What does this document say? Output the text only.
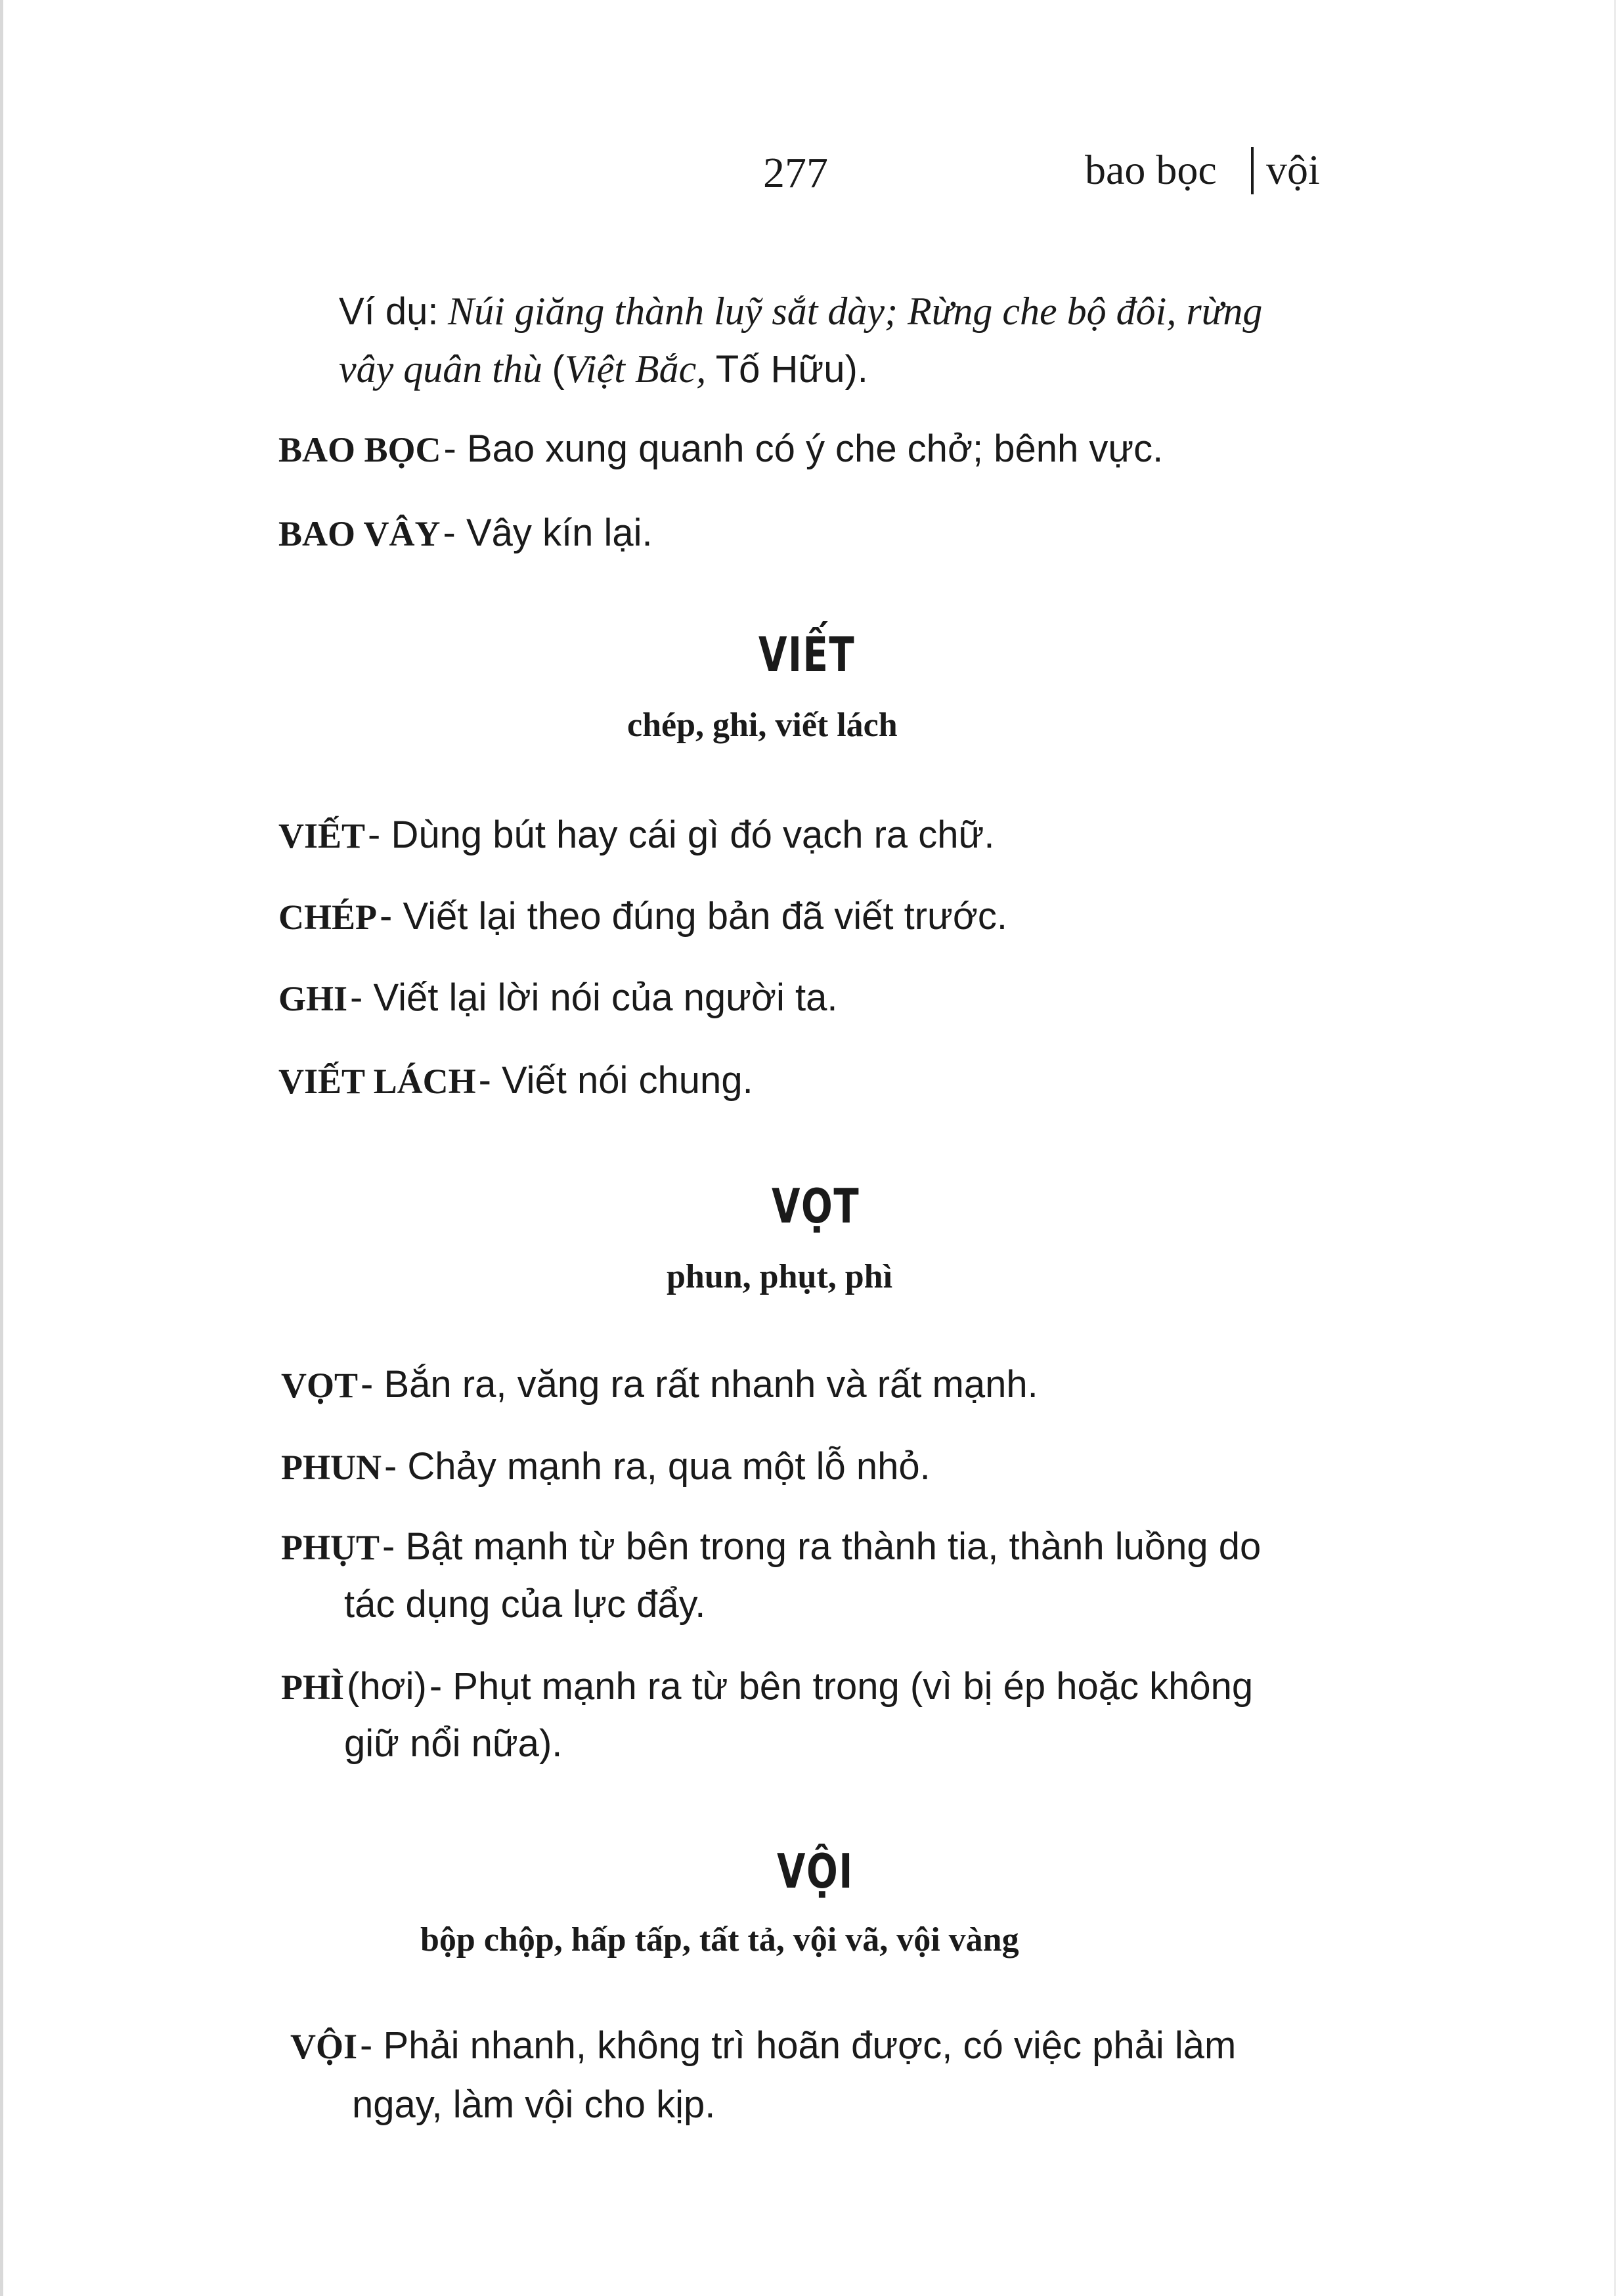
277	bao bọc vội
Ví dụ: Núi giăng thành luỹ sắt dày; Rừng che bộ đôi, rừng
vây quân thù (Việt Bắc, Tố Hữu).
BAO BỌC - Bao xung quanh có ý che chở; bênh vực.
BAO VÂY - Vây kín lại.
VIẾT
chép, ghi, viết lách
VIẾT - Dùng bút hay cái gì đó vạch ra chữ.
CHÉP - Viết lại theo đúng bản đã viết trước.
GHI - Viết lại lời nói của người ta.
VIẾT LÁCH - Viết nói chung.
VỌT
phun, phụt, phì
VỌT - Bắn ra, văng ra rất nhanh và rất mạnh.
PHUN - Chảy mạnh ra, qua một lỗ nhỏ.
PHỤT - Bật mạnh từ bên trong ra thành tia, thành luồng do
tác dụng của lực đẩy.
PHÌ (hơi) - Phụt mạnh ra từ bên trong (vì bị ép hoặc không
giữ nổi nữa).
VỘI
bộp chộp, hấp tấp, tất tả, vội vã, vội vàng
VỘI - Phải nhanh, không trì hoãn được, có việc phải làm
ngay, làm vội cho kịp.
